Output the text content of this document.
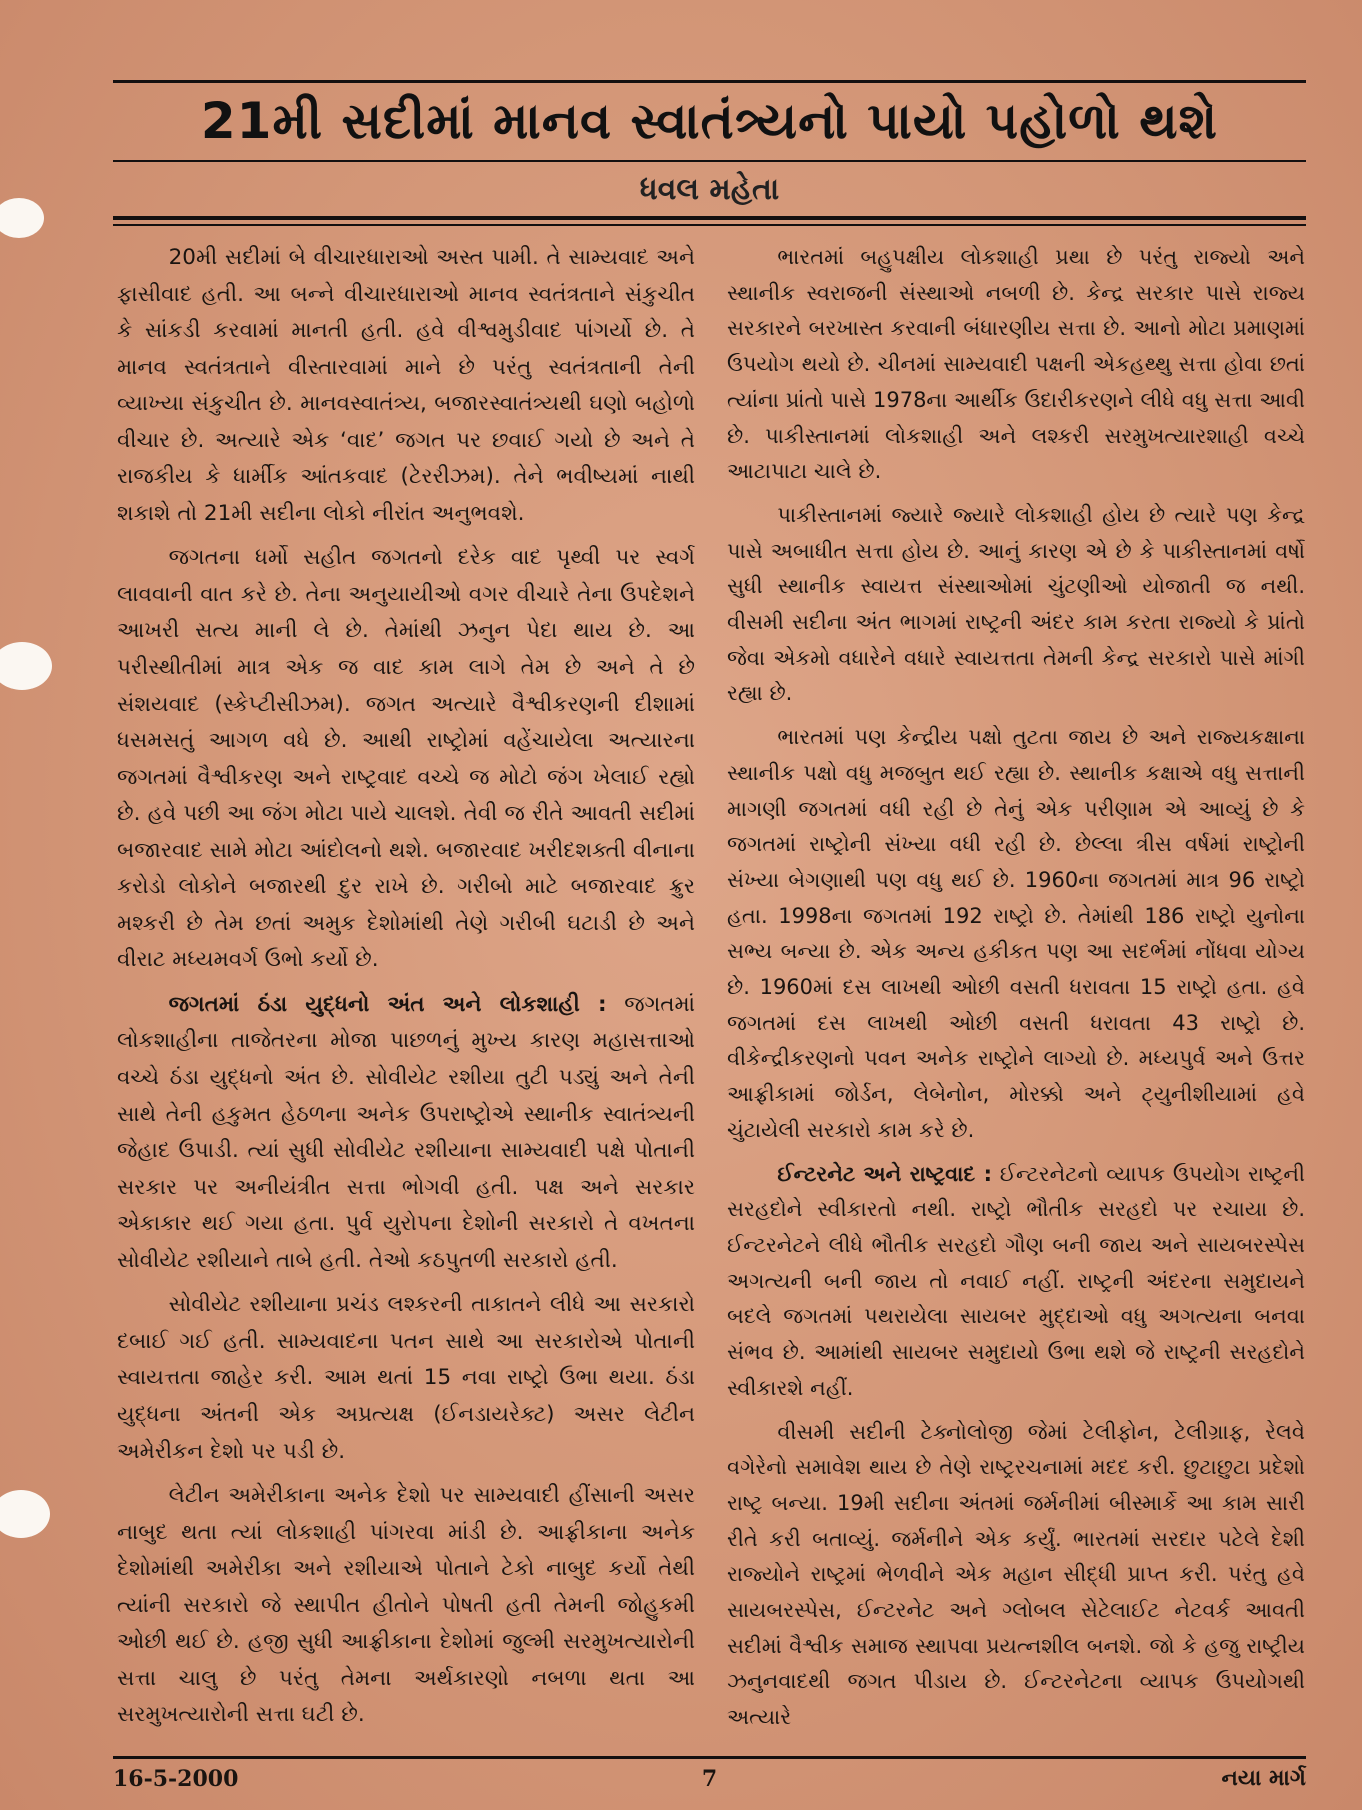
21મી સદીમાં માનવ સ્વાતંત્ર્યનો પાયો પહોળો થશે
ધવલ મહેતા

20મી સદીમાં બે વીચારધારાઓ અસ્ત પામી. તે સામ્યવાદ અને ફાસીવાદ હતી. આ બન્ને વીચારધારાઓ માનવ સ્વતંત્રતાને સંકુચીત કે સાંકડી કરવામાં માનતી હતી. હવે વીશ્વમુડીવાદ પાંગર્યો છે. તે માનવ સ્વતંત્રતાને વીસ્તારવામાં માને છે પરંતુ સ્વતંત્રતાની તેની વ્યાખ્યા સંકુચીત છે. માનવસ્વાતંત્ર્ય, બજારસ્વાતંત્ર્યથી ઘણો બહોળો વીચાર છે. અત્યારે એક ‘વાદ’ જગત પર છવાઈ ગયો છે અને તે રાજકીય કે ધાર્મીક આંતકવાદ (ટેરરીઝમ). તેને ભવીષ્યમાં નાથી શકાશે તો 21મી સદીના લોકો નીરાંત અનુભવશે.

જગતના ધર્મો સહીત જગતનો દરેક વાદ પૃથ્વી પર સ્વર્ગ લાવવાની વાત કરે છે. તેના અનુયાયીઓ વગર વીચારે તેના ઉપદેશને આખરી સત્ય માની લે છે. તેમાંથી ઝનુન પેદા થાય છે. આ પરીસ્થીતીમાં માત્ર એક જ વાદ કામ લાગે તેમ છે અને તે છે સંશયવાદ (સ્કેપ્ટીસીઝમ). જગત અત્યારે વૈશ્વીકરણની દીશામાં ધસમસતું આગળ વધે છે. આથી રાષ્ટ્રોમાં વહેંચાયેલા અત્યારના જગતમાં વૈશ્વીકરણ અને રાષ્ટ્રવાદ વચ્ચે જ મોટો જંગ ખેલાઈ રહ્યો છે. હવે પછી આ જંગ મોટા પાયે ચાલશે. તેવી જ રીતે આવતી સદીમાં બજારવાદ સામે મોટા આંદોલનો થશે. બજારવાદ ખરીદશક્તી વીનાના કરોડો લોકોને બજારથી દુર રાખે છે. ગરીબો માટે બજારવાદ ક્રુર મશ્કરી છે તેમ છતાં અમુક દેશોમાંથી તેણે ગરીબી ઘટાડી છે અને વીરાટ મધ્યમવર્ગ ઉભો કર્યો છે.

જગતમાં ઠંડા યુદ્ધનો અંત અને લોકશાહી : જગતમાં લોકશાહીના તાજેતરના મોજા પાછળનું મુખ્ય કારણ મહાસત્તાઓ વચ્ચે ઠંડા યુદ્ધનો અંત છે. સોવીયેટ રશીયા તુટી પડ્યું અને તેની સાથે તેની હકુમત હેઠળના અનેક ઉપરાષ્ટ્રોએ સ્થાનીક સ્વાતંત્ર્યની જેહાદ ઉપાડી. ત્યાં સુધી સોવીયેટ રશીયાના સામ્યવાદી પક્ષે પોતાની સરકાર પર અનીયંત્રીત સત્તા ભોગવી હતી. પક્ષ અને સરકાર એકાકાર થઈ ગયા હતા. પુર્વ યુરોપના દેશોની સરકારો તે વખતના સોવીયેટ રશીયાને તાબે હતી. તેઓ કઠપુતળી સરકારો હતી.

સોવીયેટ રશીયાના પ્રચંડ લશ્કરની તાકાતને લીધે આ સરકારો દબાઈ ગઈ હતી. સામ્યવાદના પતન સાથે આ સરકારોએ પોતાની સ્વાયત્તતા જાહેર કરી. આમ થતાં 15 નવા રાષ્ટ્રો ઉભા થયા. ઠંડા યુદ્ધના અંતની એક અપ્રત્યક્ષ (ઈનડાયરેક્ટ) અસર લેટીન અમેરીકન દેશો પર પડી છે.

લેટીન અમેરીકાના અનેક દેશો પર સામ્યવાદી હીંસાની અસર નાબુદ થતા ત્યાં લોકશાહી પાંગરવા માંડી છે. આફ્રીકાના અનેક દેશોમાંથી અમેરીકા અને રશીયાએ પોતાને ટેકો નાબુદ કર્યો તેથી ત્યાંની સરકારો જે સ્થાપીત હીતોને પોષતી હતી તેમની જોહુકમી ઓછી થઈ છે. હજી સુધી આફ્રીકાના દેશોમાં જુલ્મી સરમુખત્યારોની સત્તા ચાલુ છે પરંતુ તેમના અર્થકારણો નબળા થતા આ સરમુખત્યારોની સત્તા ઘટી છે.

ભારતમાં બહુપક્ષીય લોકશાહી પ્રથા છે પરંતુ રાજ્યો અને સ્થાનીક સ્વરાજની સંસ્થાઓ નબળી છે. કેન્દ્ર સરકાર પાસે રાજ્ય સરકારને બરખાસ્ત કરવાની બંધારણીય સત્તા છે. આનો મોટા પ્રમાણમાં ઉપયોગ થયો છે. ચીનમાં સામ્યવાદી પક્ષની એકહથ્થુ સત્તા હોવા છતાં ત્યાંના પ્રાંતો પાસે 1978ના આર્થીક ઉદારીકરણને લીધે વધુ સત્તા આવી છે. પાકીસ્તાનમાં લોકશાહી અને લશ્કરી સરમુખત્યારશાહી વચ્ચે આટાપાટા ચાલે છે.

પાકીસ્તાનમાં જ્યારે જ્યારે લોકશાહી હોય છે ત્યારે પણ કેન્દ્ર પાસે અબાધીત સત્તા હોય છે. આનું કારણ એ છે કે પાકીસ્તાનમાં વર્ષો સુધી સ્થાનીક સ્વાયત્ત સંસ્થાઓમાં ચુંટણીઓ યોજાતી જ નથી. વીસમી સદીના અંત ભાગમાં રાષ્ટ્રની અંદર કામ કરતા રાજ્યો કે પ્રાંતો જેવા એકમો વધારેને વધારે સ્વાયત્તતા તેમની કેન્દ્ર સરકારો પાસે માંગી રહ્યા છે.

ભારતમાં પણ કેન્દ્રીય પક્ષો તુટતા જાય છે અને રાજ્યકક્ષાના સ્થાનીક પક્ષો વધુ મજબુત થઈ રહ્યા છે. સ્થાનીક કક્ષાએ વધુ સત્તાની માગણી જગતમાં વધી રહી છે તેનું એક પરીણામ એ આવ્યું છે કે જગતમાં રાષ્ટ્રોની સંખ્યા વધી રહી છે. છેલ્લા ત્રીસ વર્ષમાં રાષ્ટ્રોની સંખ્યા બેગણાથી પણ વધુ થઈ છે. 1960ના જગતમાં માત્ર 96 રાષ્ટ્રો હતા. 1998ના જગતમાં 192 રાષ્ટ્રો છે. તેમાંથી 186 રાષ્ટ્રો યુનોના સભ્ય બન્યા છે. એક અન્ય હકીકત પણ આ સદર્ભમાં નોંધવા યોગ્ય છે. 1960માં દસ લાખથી ઓછી વસતી ધરાવતા 15 રાષ્ટ્રો હતા. હવે જગતમાં દસ લાખથી ઓછી વસતી ધરાવતા 43 રાષ્ટ્રો છે. વીકેન્દ્રીકરણનો પવન અનેક રાષ્ટ્રોને લાગ્યો છે. મધ્યપુર્વ અને ઉત્તર આફ્રીકામાં જોર્ડન, લેબેનોન, મોરક્કો અને ટ્યુનીશીયામાં હવે ચુંટાયેલી સરકારો કામ કરે છે.

ઈન્ટરનેટ અને રાષ્ટ્રવાદ : ઈન્ટરનેટનો વ્યાપક ઉપયોગ રાષ્ટ્રની સરહદોને સ્વીકારતો નથી. રાષ્ટ્રો ભૌતીક સરહદો પર રચાયા છે. ઈન્ટરનેટને લીધે ભૌતીક સરહદો ગૌણ બની જાય અને સાયબરસ્પેસ અગત્યની બની જાય તો નવાઈ નહીં. રાષ્ટ્રની અંદરના સમુદાયને બદલે જગતમાં પથરાયેલા સાયબર મુદ્દાઓ વધુ અગત્યના બનવા સંભવ છે. આમાંથી સાયબર સમુદાયો ઉભા થશે જે રાષ્ટ્રની સરહદોને સ્વીકારશે નહીં.

વીસમી સદીની ટેક્નોલોજી જેમાં ટેલીફોન, ટેલીગ્રાફ, રેલવે વગેરેનો સમાવેશ થાય છે તેણે રાષ્ટ્રરચનામાં મદદ કરી. છુટાછુટા પ્રદેશો રાષ્ટ્ર બન્યા. 19મી સદીના અંતમાં જર્મનીમાં બીસ્માર્કે આ કામ સારી રીતે કરી બતાવ્યું. જર્મનીને એક કર્યું. ભારતમાં સરદાર પટેલે દેશી રાજ્યોને રાષ્ટ્રમાં ભેળવીને એક મહાન સીદ્ધી પ્રાપ્ત કરી. પરંતુ હવે સાયબરસ્પેસ, ઈન્ટરનેટ અને ગ્લોબલ સેટેલાઈટ નેટવર્ક આવતી સદીમાં વૈશ્વીક સમાજ સ્થાપવા પ્રયત્નશીલ બનશે. જો કે હજુ રાષ્ટ્રીય ઝનુનવાદથી જગત પીડાય છે. ઈન્ટરનેટના વ્યાપક ઉપયોગથી અત્યારે

16-5-2000	7	નયા માર્ગ
